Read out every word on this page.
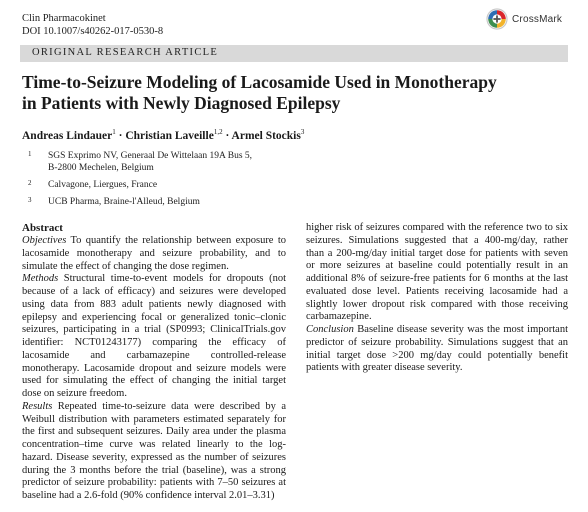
Clin Pharmacokinet
DOI 10.1007/s40262-017-0530-8
CrossMark
ORIGINAL RESEARCH ARTICLE
Time-to-Seizure Modeling of Lacosamide Used in Monotherapy
in Patients with Newly Diagnosed Epilepsy
Andreas Lindauer$^1$ · Christian Laveille$^{1,2}$ · Armel Stockis$^3$
1 SGS Exprimo NV, Generaal De Wittelaan 19A Bus 5,
B-2800 Mechelen, Belgium
2 Calvagone, Liergues, France
3 UCB Pharma, Braine-l'Alleud, Belgium
Abstract

Objectives To quantify the relationship between exposure to lacosamide monotherapy and seizure probability, and to simulate the effect of changing the dose regimen.

Methods Structural time-to-event models for dropouts (not because of a lack of efficacy) and seizures were developed using data from 883 adult patients newly diagnosed with epilepsy and experiencing focal or generalized tonic–clonic seizures, participating in a trial (SP0993; ClinicalTrials.gov identifier: NCT01243177) comparing the efficacy of lacosamide and carbamazepine controlled-release monotherapy. Lacosamide dropout and seizure models were used for simulating the effect of changing the initial target dose on seizure freedom.

Results Repeated time-to-seizure data were described by a Weibull distribution with parameters estimated separately for the first and subsequent seizures. Daily area under the plasma concentration–time curve was related linearly to the log-hazard. Disease severity, expressed as the number of seizures during the 3 months before the trial (baseline), was a strong predictor of seizure probability: patients with 7–50 seizures at baseline had a 2.6-fold (90% confidence interval 2.01–3.31)

higher risk of seizures compared with the reference two to six seizures. Simulations suggested that a 400-mg/day, rather than a 200-mg/day initial target dose for patients with seven or more seizures at baseline could potentially result in an additional 8% of seizure-free patients for 6 months at the last evaluated dose level. Patients receiving lacosamide had a slightly lower dropout risk compared with those receiving carbamazepine.

Conclusion Baseline disease severity was the most important predictor of seizure probability. Simulations suggest that an initial target dose >200 mg/day could potentially benefit patients with greater disease severity.
